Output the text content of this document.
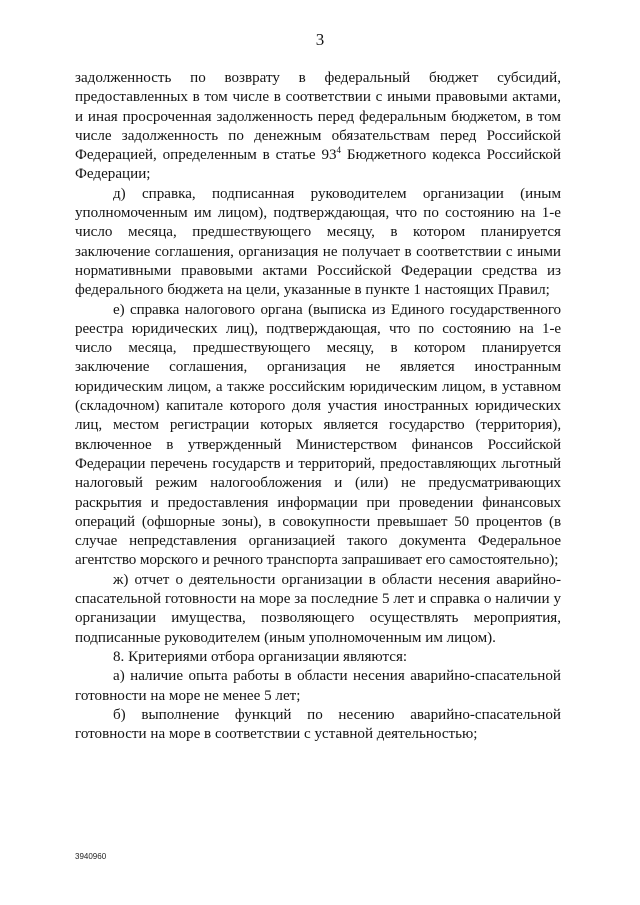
3

задолженность по возврату в федеральный бюджет субсидий, предоставленных в том числе в соответствии с иными правовыми актами, и иная просроченная задолженность перед федеральным бюджетом, в том числе задолженность по денежным обязательствам перед Российской Федерацией, определенным в статье $93^4$ Бюджетного кодекса Российской Федерации;

д) справка, подписанная руководителем организации (иным уполномоченным им лицом), подтверждающая, что по состоянию на 1-е число месяца, предшествующего месяцу, в котором планируется заключение соглашения, организация не получает в соответствии с иными нормативными правовыми актами Российской Федерации средства из федерального бюджета на цели, указанные в пункте 1 настоящих Правил;

е) справка налогового органа (выписка из Единого государственного реестра юридических лиц), подтверждающая, что по состоянию на 1-е число месяца, предшествующего месяцу, в котором планируется заключение соглашения, организация не является иностранным юридическим лицом, а также российским юридическим лицом, в уставном (складочном) капитале которого доля участия иностранных юридических лиц, местом регистрации которых является государство (территория), включенное в утвержденный Министерством финансов Российской Федерации перечень государств и территорий, предоставляющих льготный налоговый режим налогообложения и (или) не предусматривающих раскрытия и предоставления информации при проведении финансовых операций (офшорные зоны), в совокупности превышает 50 процентов (в случае непредставления организацией такого документа Федеральное агентство морского и речного транспорта запрашивает его самостоятельно);

ж) отчет о деятельности организации в области несения аварийно-спасательной готовности на море за последние 5 лет и справка о наличии у организации имущества, позволяющего осуществлять мероприятия, подписанные руководителем (иным уполномоченным им лицом).

8. Критериями отбора организации являются:

а) наличие опыта работы в области несения аварийно-спасательной готовности на море не менее 5 лет;

б) выполнение функций по несению аварийно-спасательной готовности на море в соответствии с уставной деятельностью;

3940960
